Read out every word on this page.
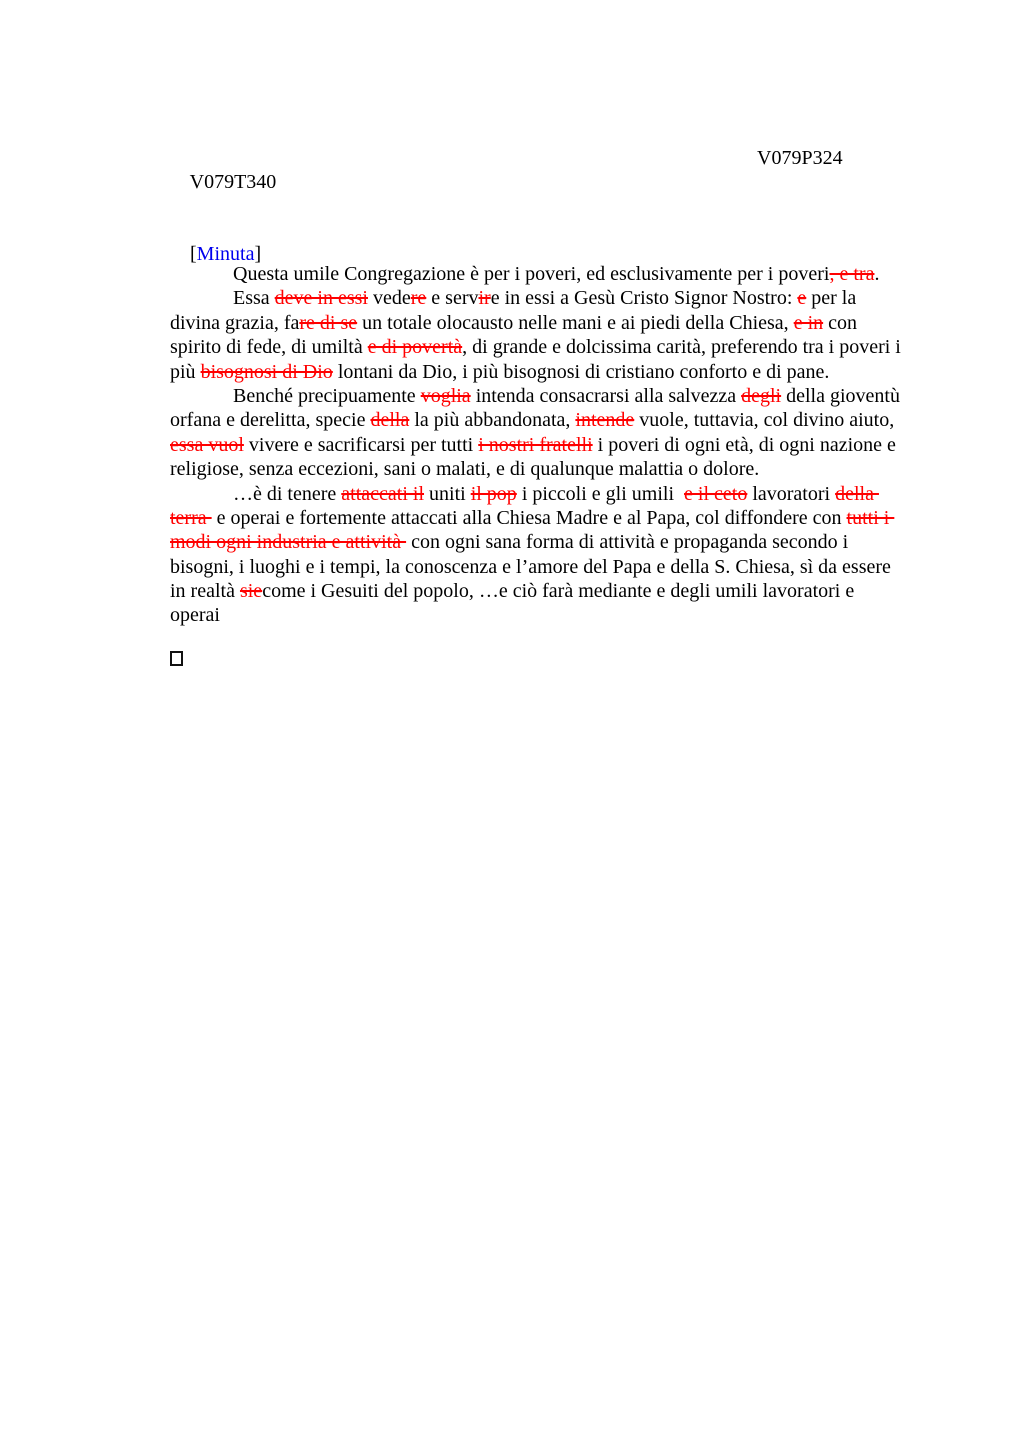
V079T340

V079P324

[Minuta]

Questa umile Congregazione è per i poveri, ed esclusivamente per i poveri, e tra.
Essa deve in essi vedere e servire in essi a Gesù Cristo Signor Nostro: e per la
divina grazia, fare di se un totale olocausto nelle mani e ai piedi della Chiesa, e in con
spirito di fede, di umiltà e di povertà, di grande e dolcissima carità, preferendo tra i poveri i
più bisognosi di Dio lontani da Dio, i più bisognosi di cristiano conforto e di pane.
Benché precipuamente voglia intenda consacrarsi alla salvezza degli della gioventù
orfana e derelitta, specie della la più abbandonata, intende vuole, tuttavia, col divino aiuto,
essa vuol vivere e sacrificarsi per tutti i nostri fratelli i poveri di ogni età, di ogni nazione e
religiose, senza eccezioni, sani o malati, e di qualunque malattia o dolore.
…è di tenere attaccati il uniti il pop i piccoli e gli umili  e il ceto lavoratori della
terra  e operai e fortemente attaccati alla Chiesa Madre e al Papa, col diffondere con tutti i
modi ogni industria e attività  con ogni sana forma di attività e propaganda secondo i
bisogni, i luoghi e i tempi, la conoscenza e l’amore del Papa e della S. Chiesa, sì da essere
in realtà siecome i Gesuiti del popolo, …e ciò farà mediante e degli umili lavoratori e
operai
